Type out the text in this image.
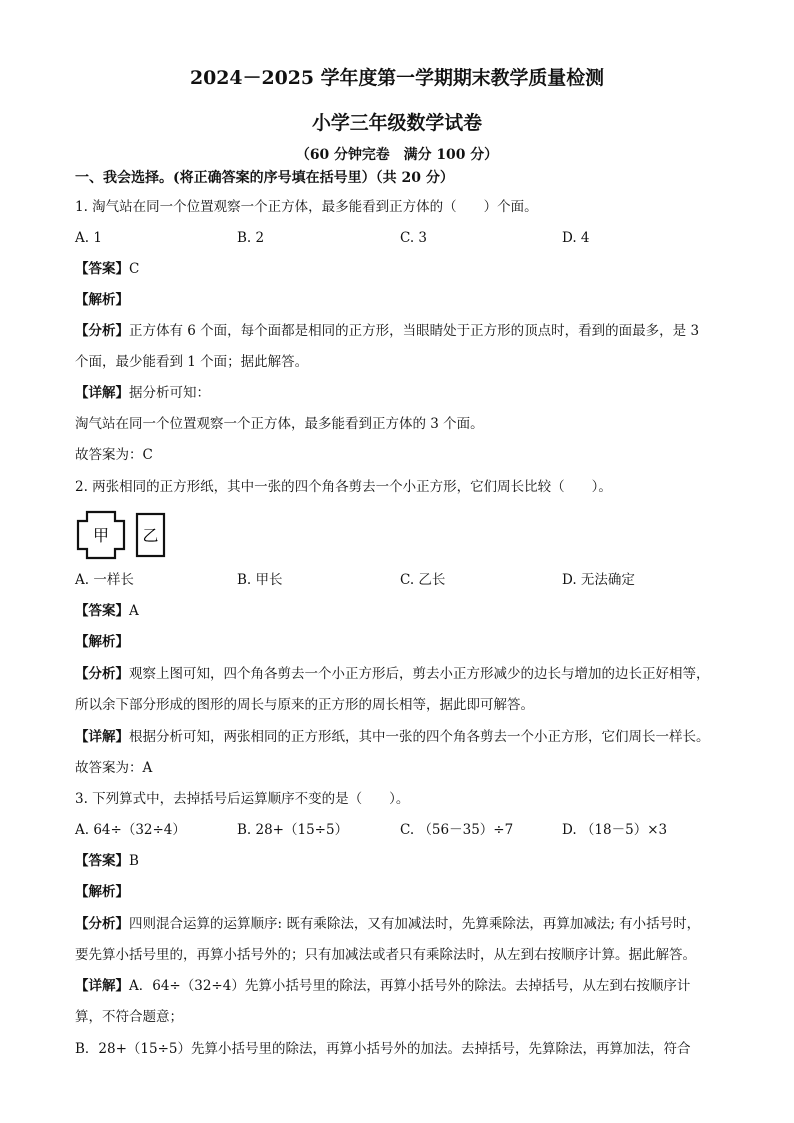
2024－2025 学年度第一学期期末教学质量检测
小学三年级数学试卷
（60 分钟完卷　满分 100 分）
一、我会选择。(将正确答案的序号填在括号里）（共 20 分）
1. 淘气站在同一个位置观察一个正方体，最多能看到正方体的（　　）个面。
A. 1	B. 2	C. 3	D. 4
【答案】C
【解析】
【分析】正方体有 6 个面，每个面都是相同的正方形，当眼睛处于正方形的顶点时，看到的面最多，是 3
个面，最少能看到 1 个面；据此解答。
【详解】据分析可知：
淘气站在同一个位置观察一个正方体，最多能看到正方体的 3 个面。
故答案为：C
2. 两张相同的正方形纸，其中一张的四个角各剪去一个小正方形，它们周长比较（　　）。
甲 乙
A. 一样长	B. 甲长	C. 乙长	D. 无法确定
【答案】A
【解析】
【分析】观察上图可知，四个角各剪去一个小正方形后，剪去小正方形减少的边长与增加的边长正好相等，
所以余下部分形成的图形的周长与原来的正方形的周长相等，据此即可解答。
【详解】根据分析可知，两张相同的正方形纸，其中一张的四个角各剪去一个小正方形，它们周长一样长。
故答案为：A
3. 下列算式中，去掉括号后运算顺序不变的是（　　）。
A. 64÷（32÷4）	B. 28+（15÷5）	C. （56－35）÷7	D. （18－5）×3
【答案】B
【解析】
【分析】四则混合运算的运算顺序: 既有乘除法，又有加减法时，先算乘除法，再算加减法; 有小括号时，
要先算小括号里的，再算小括号外的；只有加减法或者只有乘除法时，从左到右按顺序计算。据此解答。
【详解】A．64÷（32÷4）先算小括号里的除法，再算小括号外的除法。去掉括号，从左到右按顺序计
算，不符合题意；
B．28+（15÷5）先算小括号里的除法，再算小括号外的加法。去掉括号，先算除法，再算加法，符合
